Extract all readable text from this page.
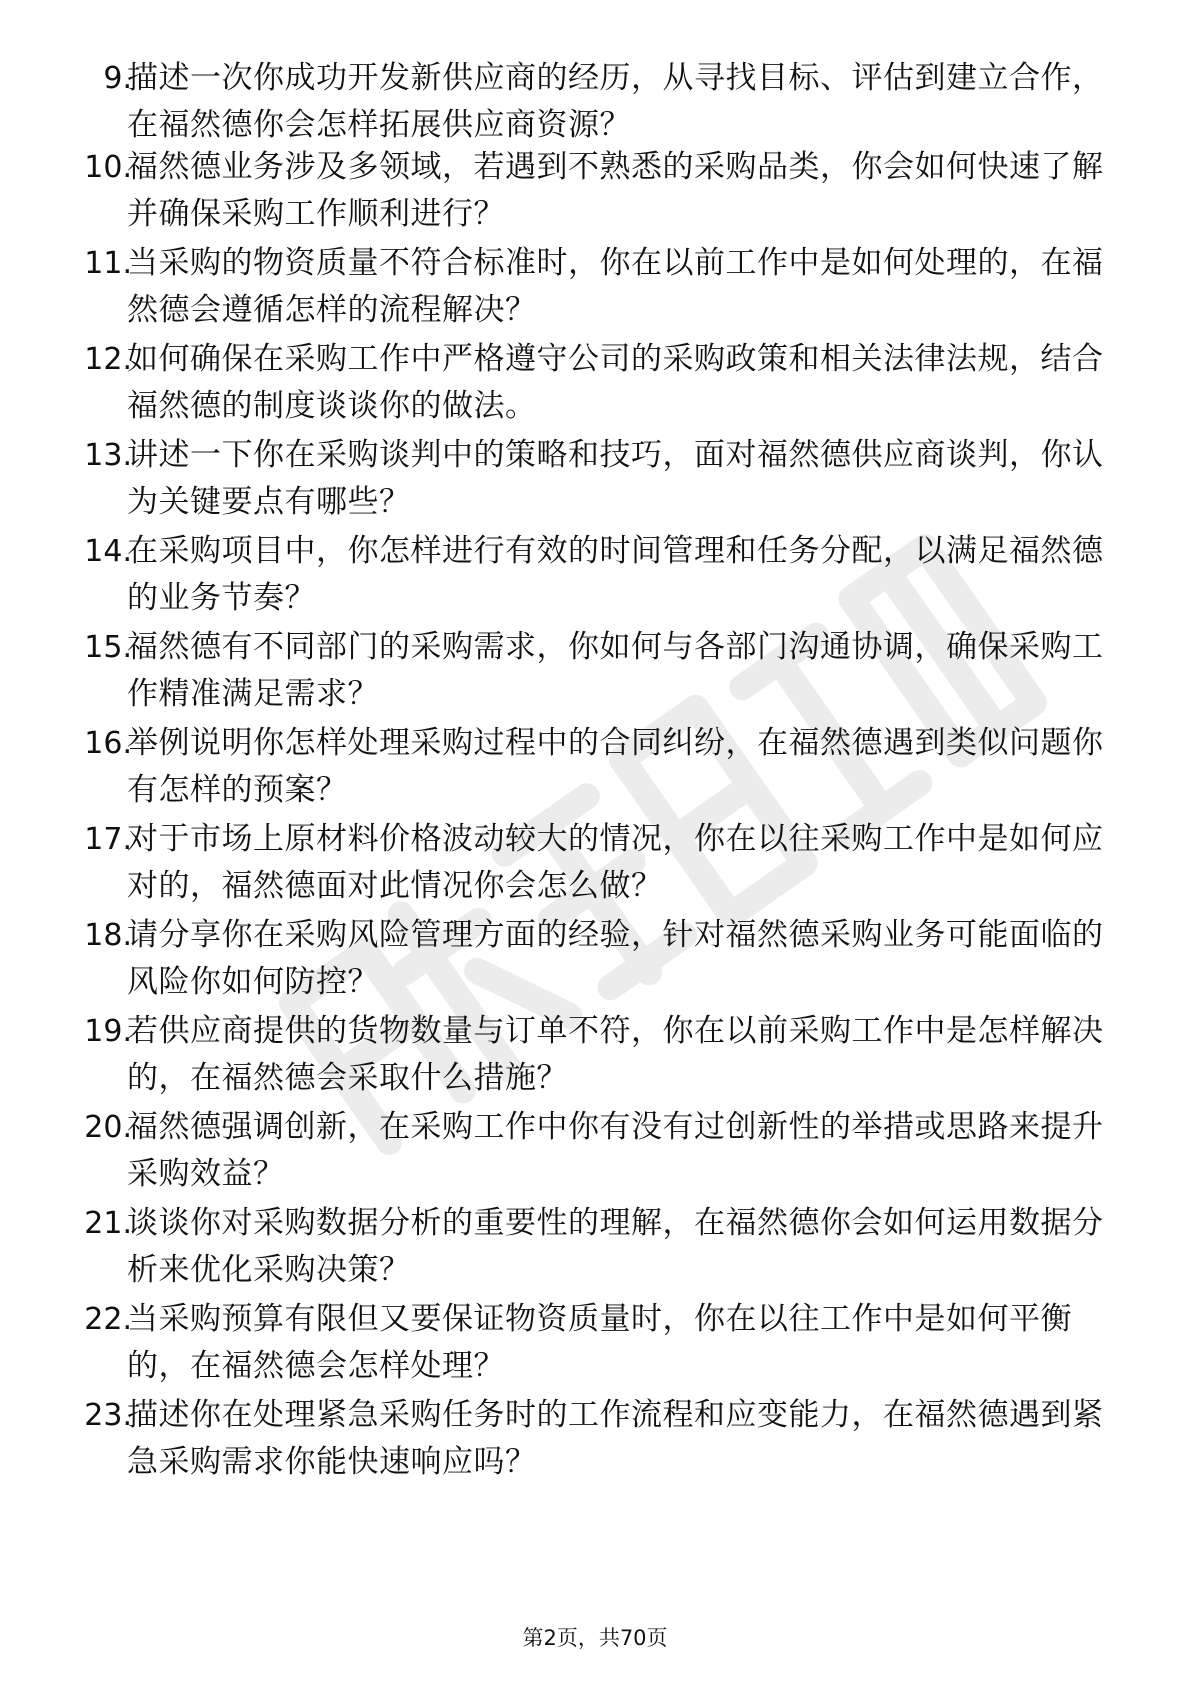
9.
描述一次你成功开发新供应商的经历，从寻找目标、评估到建立合作，在福然德你会怎样拓展供应商资源？
10.
福然德业务涉及多领域，若遇到不熟悉的采购品类，你会如何快速了解并确保采购工作顺利进行？
11.
当采购的物资质量不符合标准时，你在以前工作中是如何处理的，在福然德会遵循怎样的流程解决？
12.
如何确保在采购工作中严格遵守公司的采购政策和相关法律法规，结合福然德的制度谈谈你的做法。
13.
讲述一下你在采购谈判中的策略和技巧，面对福然德供应商谈判，你认为关键要点有哪些？
14.
在采购项目中，你怎样进行有效的时间管理和任务分配，以满足福然德的业务节奏？
15.
福然德有不同部门的采购需求，你如何与各部门沟通协调，确保采购工作精准满足需求？
16.
举例说明你怎样处理采购过程中的合同纠纷，在福然德遇到类似问题你有怎样的预案？
17.
对于市场上原材料价格波动较大的情况，你在以往采购工作中是如何应对的，福然德面对此情况你会怎么做？
18.
请分享你在采购风险管理方面的经验，针对福然德采购业务可能面临的风险你如何防控？
19.
若供应商提供的货物数量与订单不符，你在以前采购工作中是怎样解决的，在福然德会采取什么措施？
20.
福然德强调创新，在采购工作中你有没有过创新性的举措或思路来提升采购效益？
21.
谈谈你对采购数据分析的重要性的理解，在福然德你会如何运用数据分析来优化采购决策？
22.
当采购预算有限但又要保证物资质量时，你在以往工作中是如何平衡的，在福然德会怎样处理？
23.
描述你在处理紧急采购任务时的工作流程和应变能力，在福然德遇到紧急采购需求你能快速响应吗？
第2页，共70页
